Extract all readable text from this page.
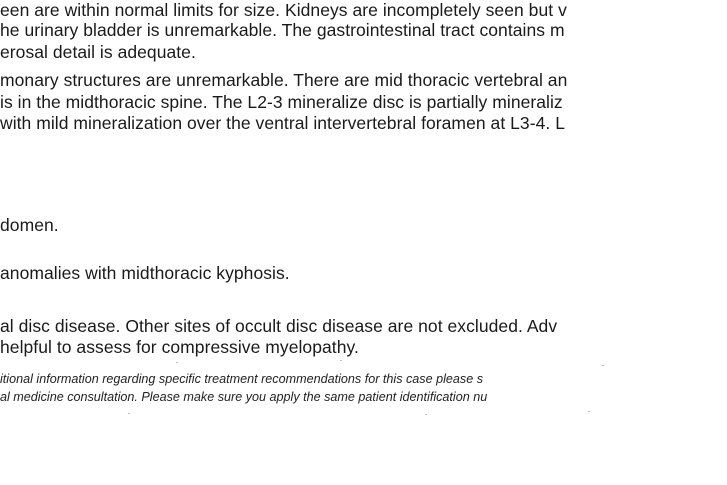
een are within normal limits for size. Kidneys are incompletely seen but v
he urinary bladder is unremarkable. The gastrointestinal tract contains m
erosal detail is adequate.
monary structures are unremarkable. There are mid thoracic vertebral an
is in the midthoracic spine. The L2-3 mineralize disc is partially mineraliz
with mild mineralization over the ventral intervertebral foramen at L3-4. L
domen.
anomalies with midthoracic kyphosis.
al disc disease. Other sites of occult disc disease are not excluded. Adv
helpful to assess for compressive myelopathy.
itional information regarding specific treatment recommendations for this case please s
al medicine consultation. Please make sure you apply the same patient identification nu
